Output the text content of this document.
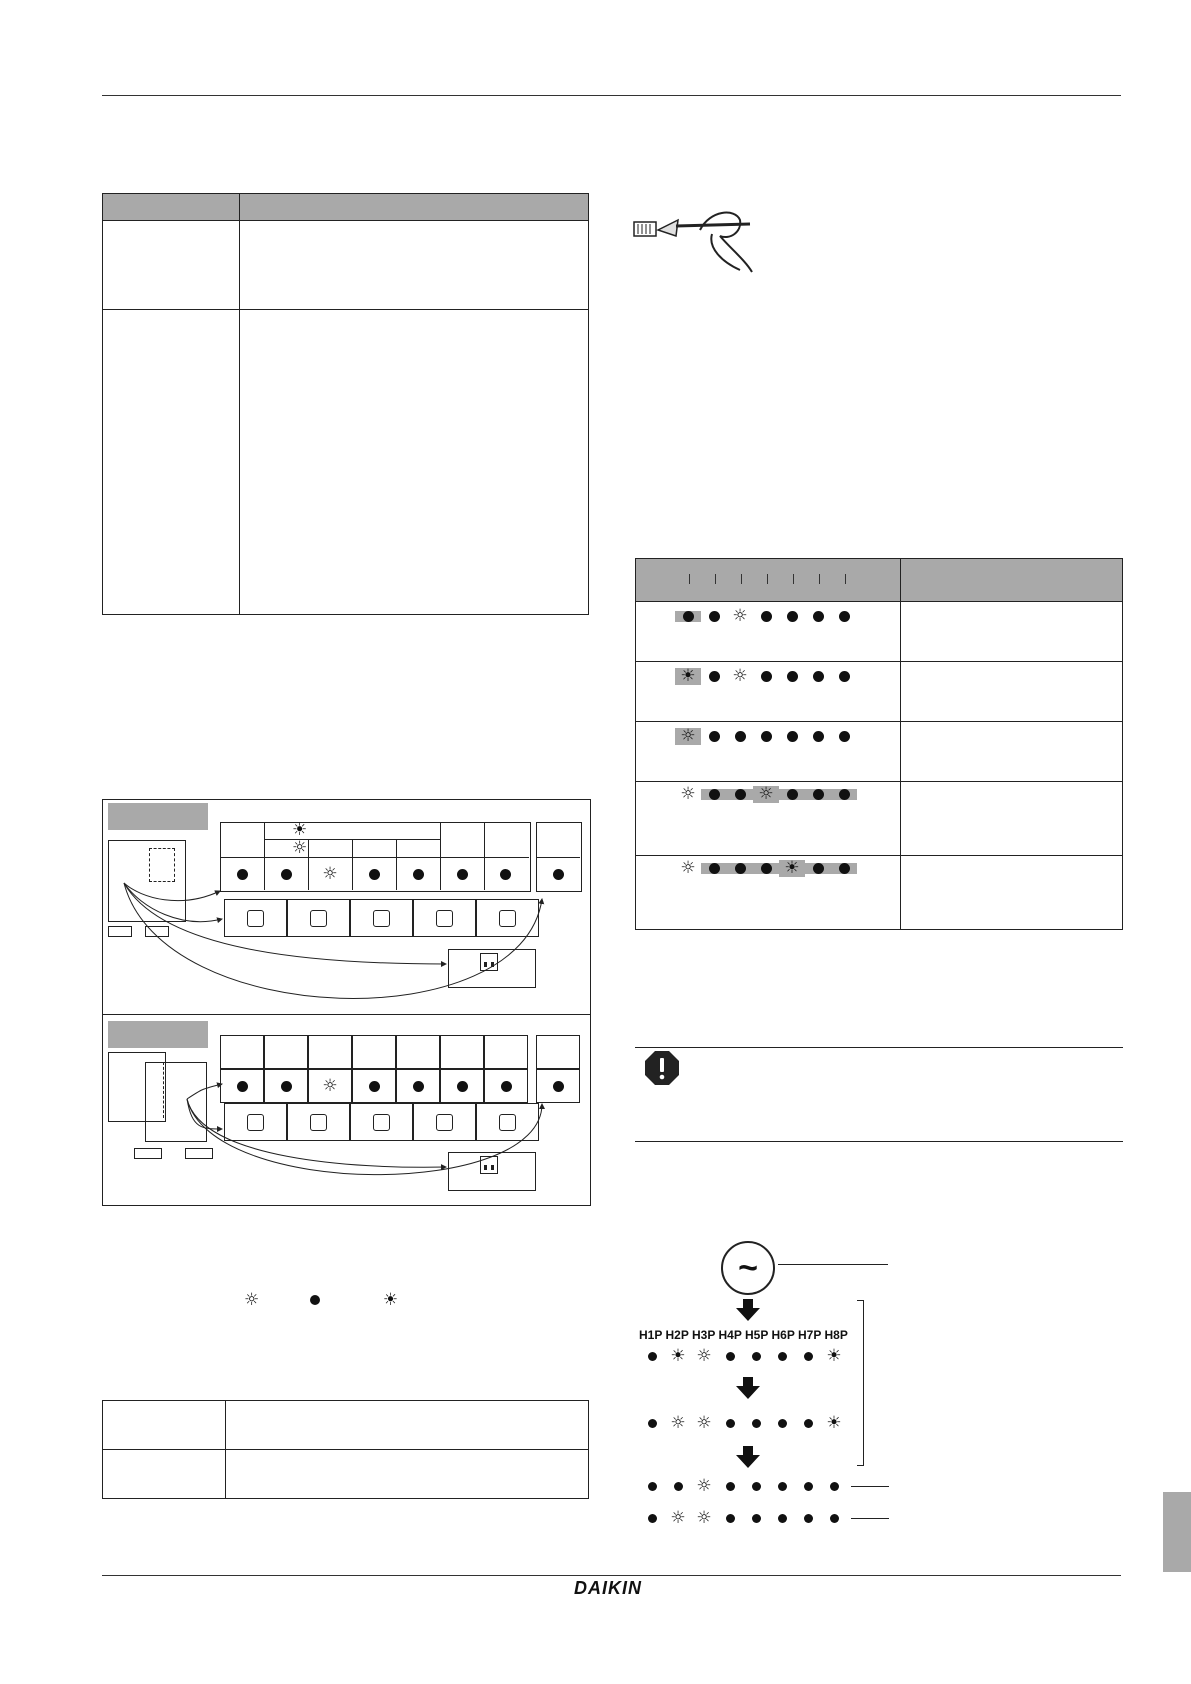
☀
☼
☼
☼
☼	☀

☼	

☀ ☼	

☼	

☼ ☼	

☼ ☀	

~
H1P H2P H3P H4P H5P H6P H7P H8P
☀ ☼	☀
☼ ☼	☀
☼
☼ ☼
DAIKIN
